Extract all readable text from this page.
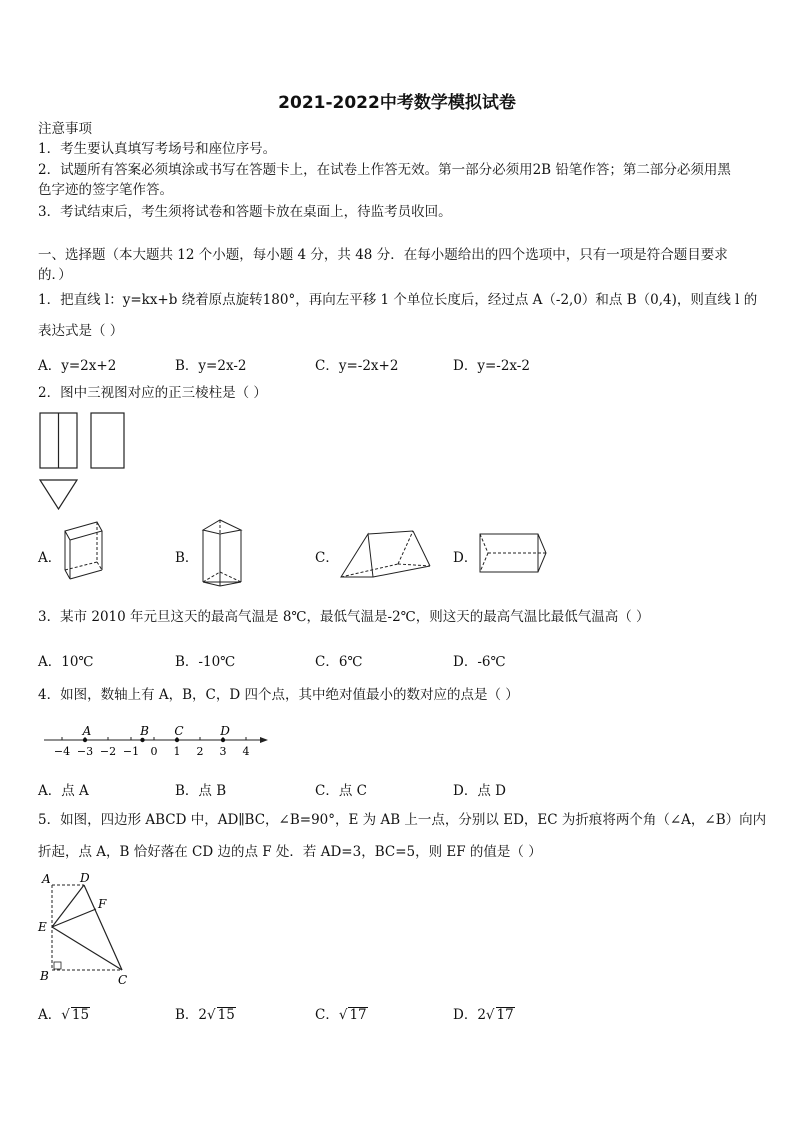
2021-2022中考数学模拟试卷
注意事项
1．考生要认真填写考场号和座位序号。
2．试题所有答案必须填涂或书写在答题卡上，在试卷上作答无效。第一部分必须用2B 铅笔作答；第二部分必须用黑
色字迹的签字笔作答。
3．考试结束后，考生须将试卷和答题卡放在桌面上，待监考员收回。
一、选择题（本大题共 12 个小题，每小题 4 分，共 48 分．在每小题给出的四个选项中，只有一项是符合题目要求
的．）
1．把直线 l：y=kx+b 绕着原点旋转180°，再向左平移 1 个单位长度后，经过点 A（-2,0）和点 B（0,4)，则直线 l 的
表达式是（ ）
A．y=2x+2	B．y=2x-2	C．y=-2x+2	D．y=-2x-2
2．图中三视图对应的正三棱柱是（ ）
A．	B．	C．	D．
3．某市 2010 年元旦这天的最高气温是 8℃，最低气温是-2℃，则这天的最高气温比最低气温高（ ）
A．10℃	B．-10℃	C．6℃	D．-6℃
4．如图，数轴上有 A，B，C，D 四个点，其中绝对值最小的数对应的点是（ ）
−4 −3 −2 −1 0 1 2 3 4
A	B C	D
A．点 A	B．点 B	C．点 C	D．点 D
5．如图，四边形 ABCD 中，AD∥BC，∠B=90°，E 为 AB 上一点，分别以 ED，EC 为折痕将两个角（∠A，∠B）向内
折起，点 A，B 恰好落在 CD 边的点 F 处．若 AD=3，BC=5，则 EF 的值是（ ）
A D
F
E
B	C
A．√ 15	B．2√ 15	C．√ 17	D．2√ 17
